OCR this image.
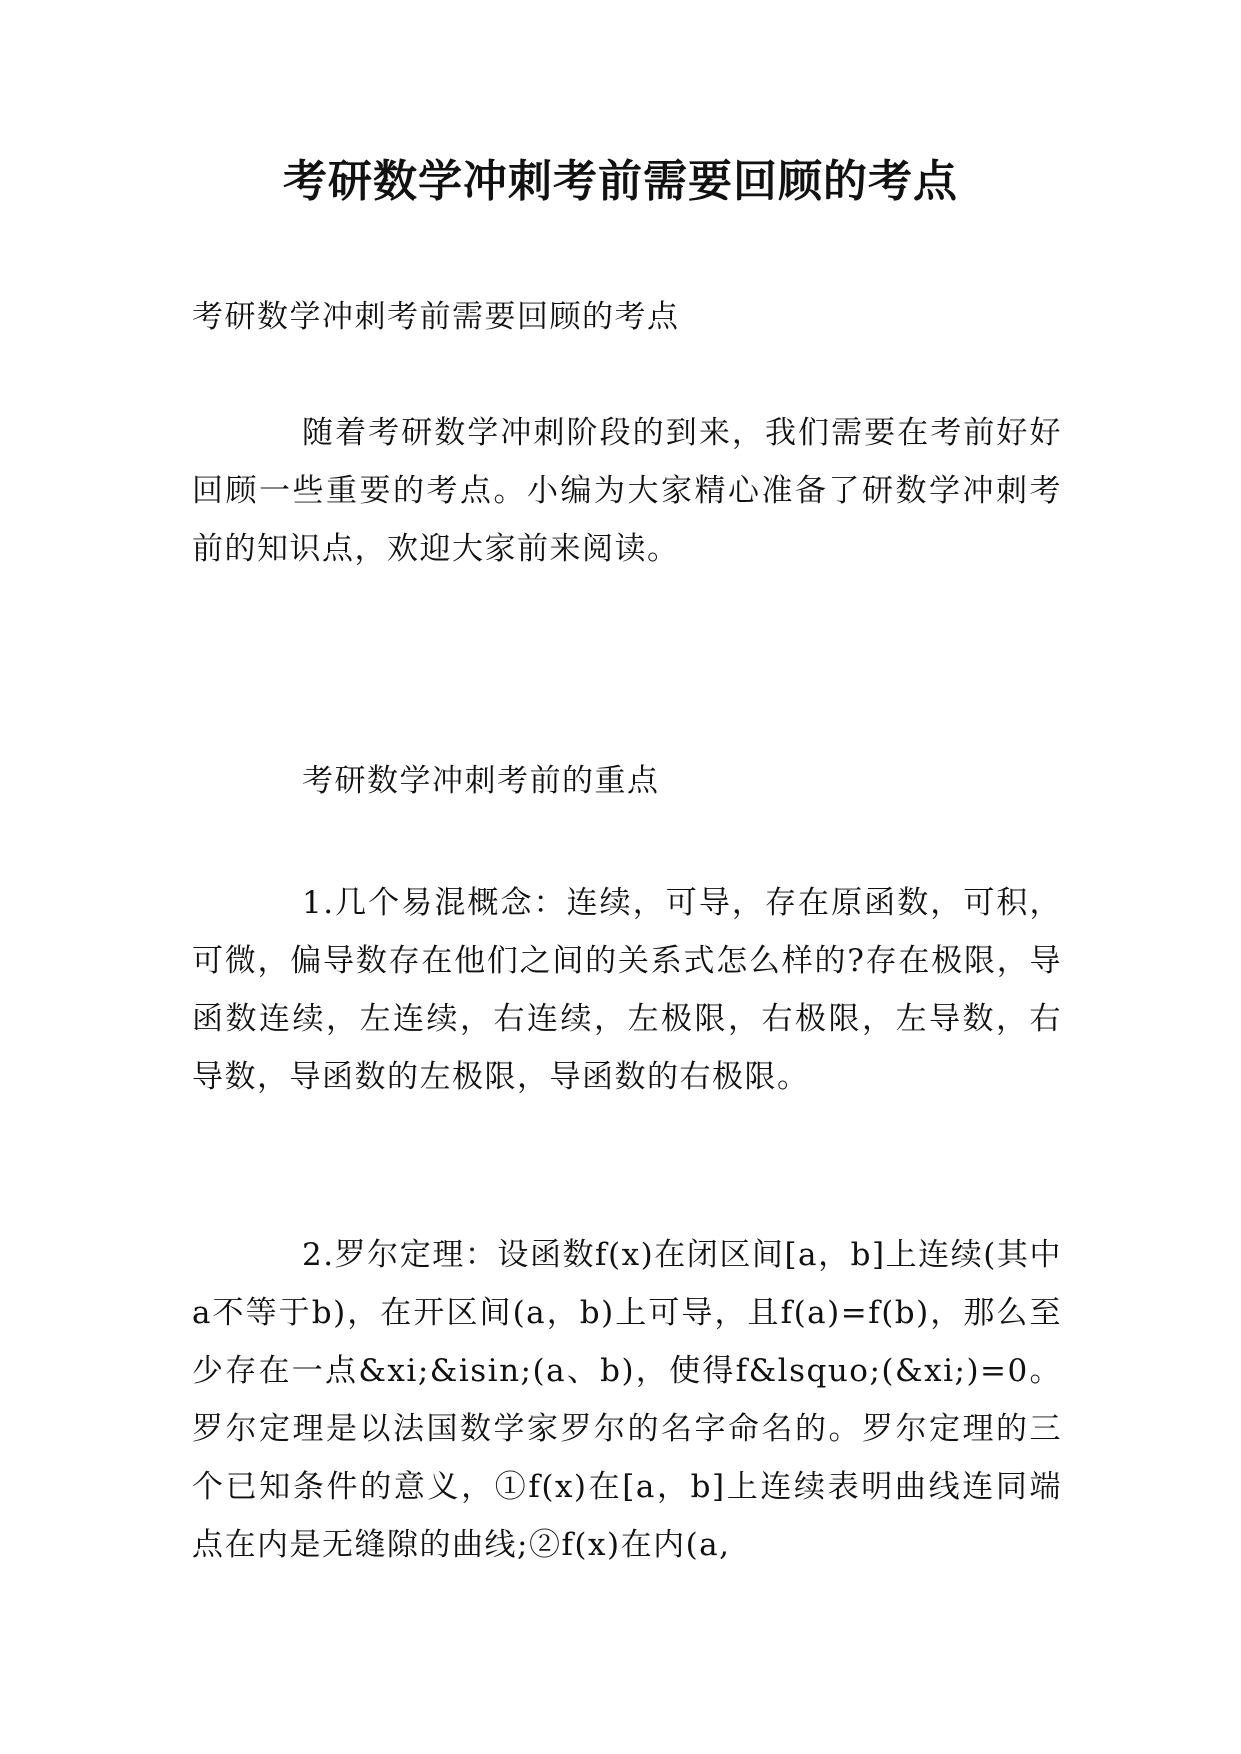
考研数学冲刺考前需要回顾的考点

考研数学冲刺考前需要回顾的考点

随着考研数学冲刺阶段的到来，我们需要在考前好好回顾一些重要的考点。小编为大家精心准备了研数学冲刺考前的知识点，欢迎大家前来阅读。

考研数学冲刺考前的重点

1.几个易混概念：连续，可导，存在原函数，可积，可微，偏导数存在他们之间的关系式怎么样的?存在极限，导函数连续，左连续，右连续，左极限，右极限，左导数，右导数，导函数的左极限，导函数的右极限。

2.罗尔定理：设函数f(x)在闭区间[a，b]上连续(其中a不等于b)，在开区间(a，b)上可导，且f(a)=f(b)，那么至少存在一点&xi;&isin;(a、b)，使得f&lsquo;(&xi;)=0。罗尔定理是以法国数学家罗尔的名字命名的。罗尔定理的三个已知条件的意义，①f(x)在[a，b]上连续表明曲线连同端点在内是无缝隙的曲线;②f(x)在内(a,
